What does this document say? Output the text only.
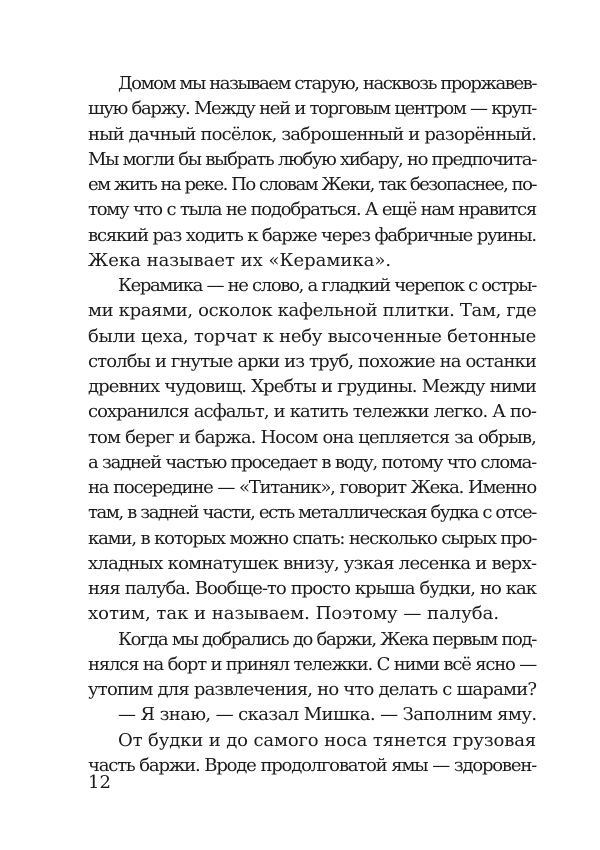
Домом мы называем старую, насквозь проржавев-
шую баржу. Между ней и торговым центром — круп-
ный дачный посёлок, заброшенный и разорённый.
Мы могли бы выбрать любую хибару, но предпочита-
ем жить на реке. По словам Жеки, так безопаснее, по-
тому что с тыла не подобраться. А ещё нам нравится
всякий раз ходить к барже через фабричные руины.
Жека называет их «Керамика».
Керамика — не слово, а гладкий черепок с остры-
ми краями, осколок кафельной плитки. Там, где
были цеха, торчат к небу высоченные бетонные
столбы и гнутые арки из труб, похожие на останки
древних чудовищ. Хребты и грудины. Между ними
сохранился асфальт, и катить тележки легко. А по-
том берег и баржа. Носом она цепляется за обрыв,
а задней частью проседает в воду, потому что слома-
на посередине — «Титаник», говорит Жека. Именно
там, в задней части, есть металлическая будка с отсе-
ками, в которых можно спать: несколько сырых про-
хладных комнатушек внизу, узкая лесенка и верх-
няя палуба. Вообще-то просто крыша будки, но как
хотим, так и называем. Поэтому — палуба.
Когда мы добрались до баржи, Жека первым под-
нялся на борт и принял тележки. С ними всё ясно —
утопим для развлечения, но что делать с шарами?
— Я знаю, — сказал Мишка. — Заполним яму.
От будки и до самого носа тянется грузовая
часть баржи. Вроде продолговатой ямы — здоровен-
12
